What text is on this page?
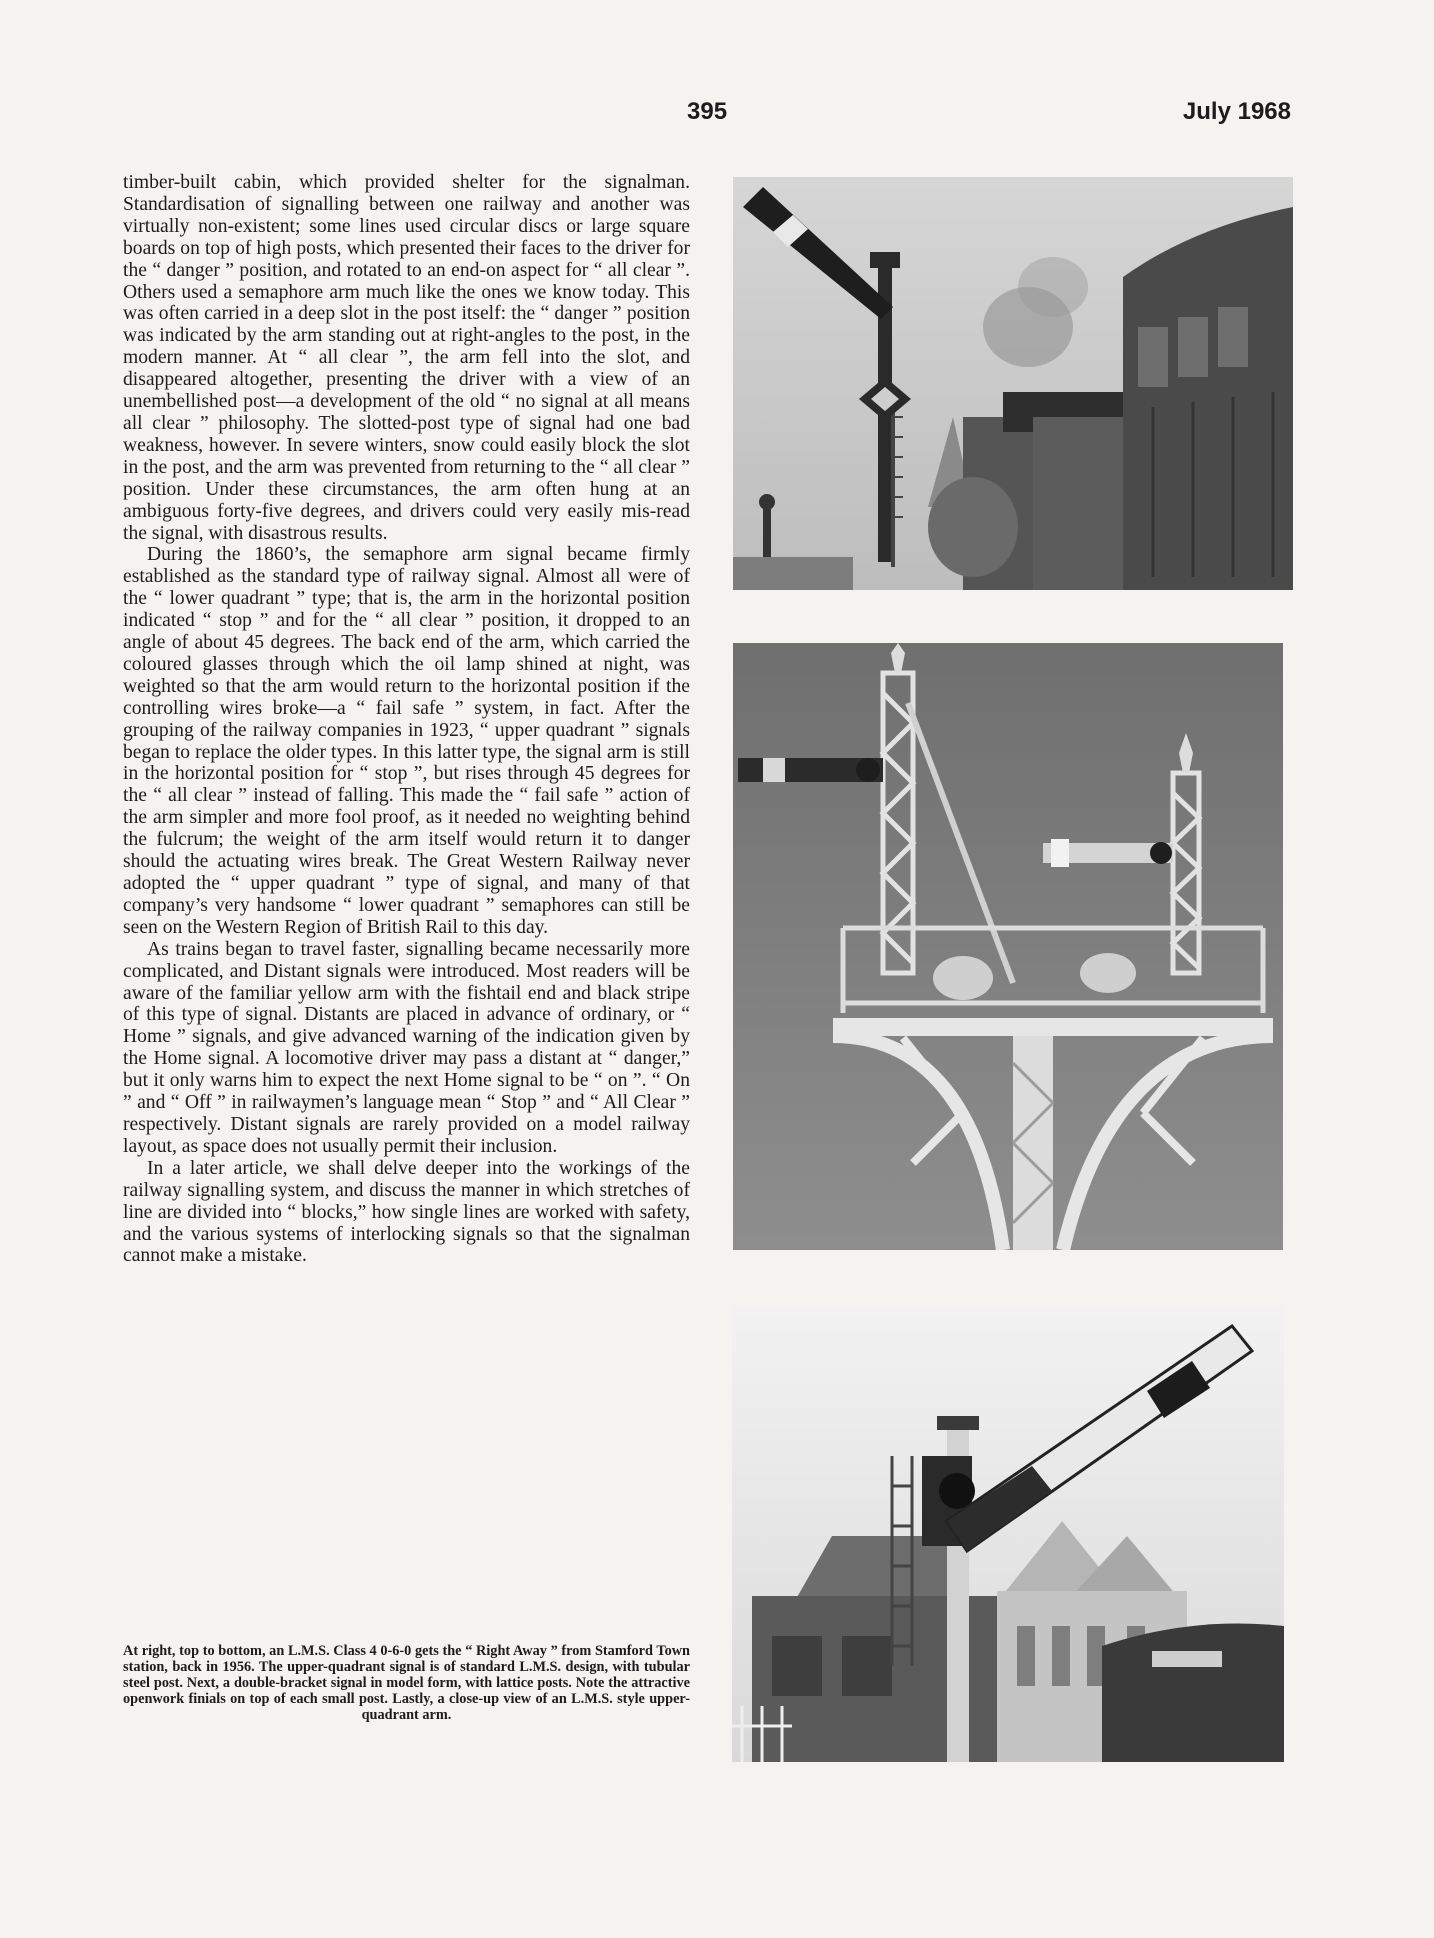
395	July 1968

timber-built cabin, which provided shelter for the signalman. Standardisation of signalling between one railway and another was virtually non-existent; some lines used circular discs or large square boards on top of high posts, which presented their faces to the driver for the “ danger ” position, and rotated to an end-on aspect for “ all clear ”. Others used a semaphore arm much like the ones we know today. This was often carried in a deep slot in the post itself: the “ danger ” position was indicated by the arm standing out at right-angles to the post, in the modern manner. At “ all clear ”, the arm fell into the slot, and disappeared altogether, presenting the driver with a view of an unembellished post—a development of the old “ no signal at all means all clear ” philosophy. The slotted-post type of signal had one bad weakness, however. In severe winters, snow could easily block the slot in the post, and the arm was prevented from returning to the “ all clear ” position. Under these circumstances, the arm often hung at an ambiguous forty-five degrees, and drivers could very easily mis-read the signal, with disastrous results.

During the 1860’s, the semaphore arm signal became firmly established as the standard type of railway signal. Almost all were of the “ lower quadrant ” type; that is, the arm in the horizontal position indicated “ stop ” and for the “ all clear ” position, it dropped to an angle of about 45 degrees. The back end of the arm, which carried the coloured glasses through which the oil lamp shined at night, was weighted so that the arm would return to the horizontal position if the controlling wires broke—a “ fail safe ” system, in fact. After the grouping of the railway companies in 1923, “ upper quadrant ” signals began to replace the older types. In this latter type, the signal arm is still in the horizontal position for “ stop ”, but rises through 45 degrees for the “ all clear ” instead of falling. This made the “ fail safe ” action of the arm simpler and more fool proof, as it needed no weighting behind the fulcrum; the weight of the arm itself would return it to danger should the actuating wires break. The Great Western Railway never adopted the “ upper quadrant ” type of signal, and many of that company’s very handsome “ lower quadrant ” semaphores can still be seen on the Western Region of British Rail to this day.

As trains began to travel faster, signalling became necessarily more complicated, and Distant signals were introduced. Most readers will be aware of the familiar yellow arm with the fishtail end and black stripe of this type of signal. Distants are placed in advance of ordinary, or “ Home ” signals, and give advanced warning of the indication given by the Home signal. A locomotive driver may pass a distant at “ danger,” but it only warns him to expect the next Home signal to be “ on ”. “ On ” and “ Off ” in railwaymen’s language mean “ Stop ” and “ All Clear ” respectively. Distant signals are rarely provided on a model railway layout, as space does not usually permit their inclusion.

In a later article, we shall delve deeper into the workings of the railway signalling system, and discuss the manner in which stretches of line are divided into “ blocks,” how single lines are worked with safety, and the various systems of interlocking signals so that the signalman cannot make a mistake.

At right, top to bottom, an L.M.S. Class 4 0-6-0 gets the “ Right Away ” from Stamford Town station, back in 1956. The upper-quadrant signal is of standard L.M.S. design, with tubular steel post. Next, a double-bracket signal in model form, with lattice posts. Note the attractive openwork finials on top of each small post. Lastly, a close-up view of an L.M.S. style upper-quadrant arm.
